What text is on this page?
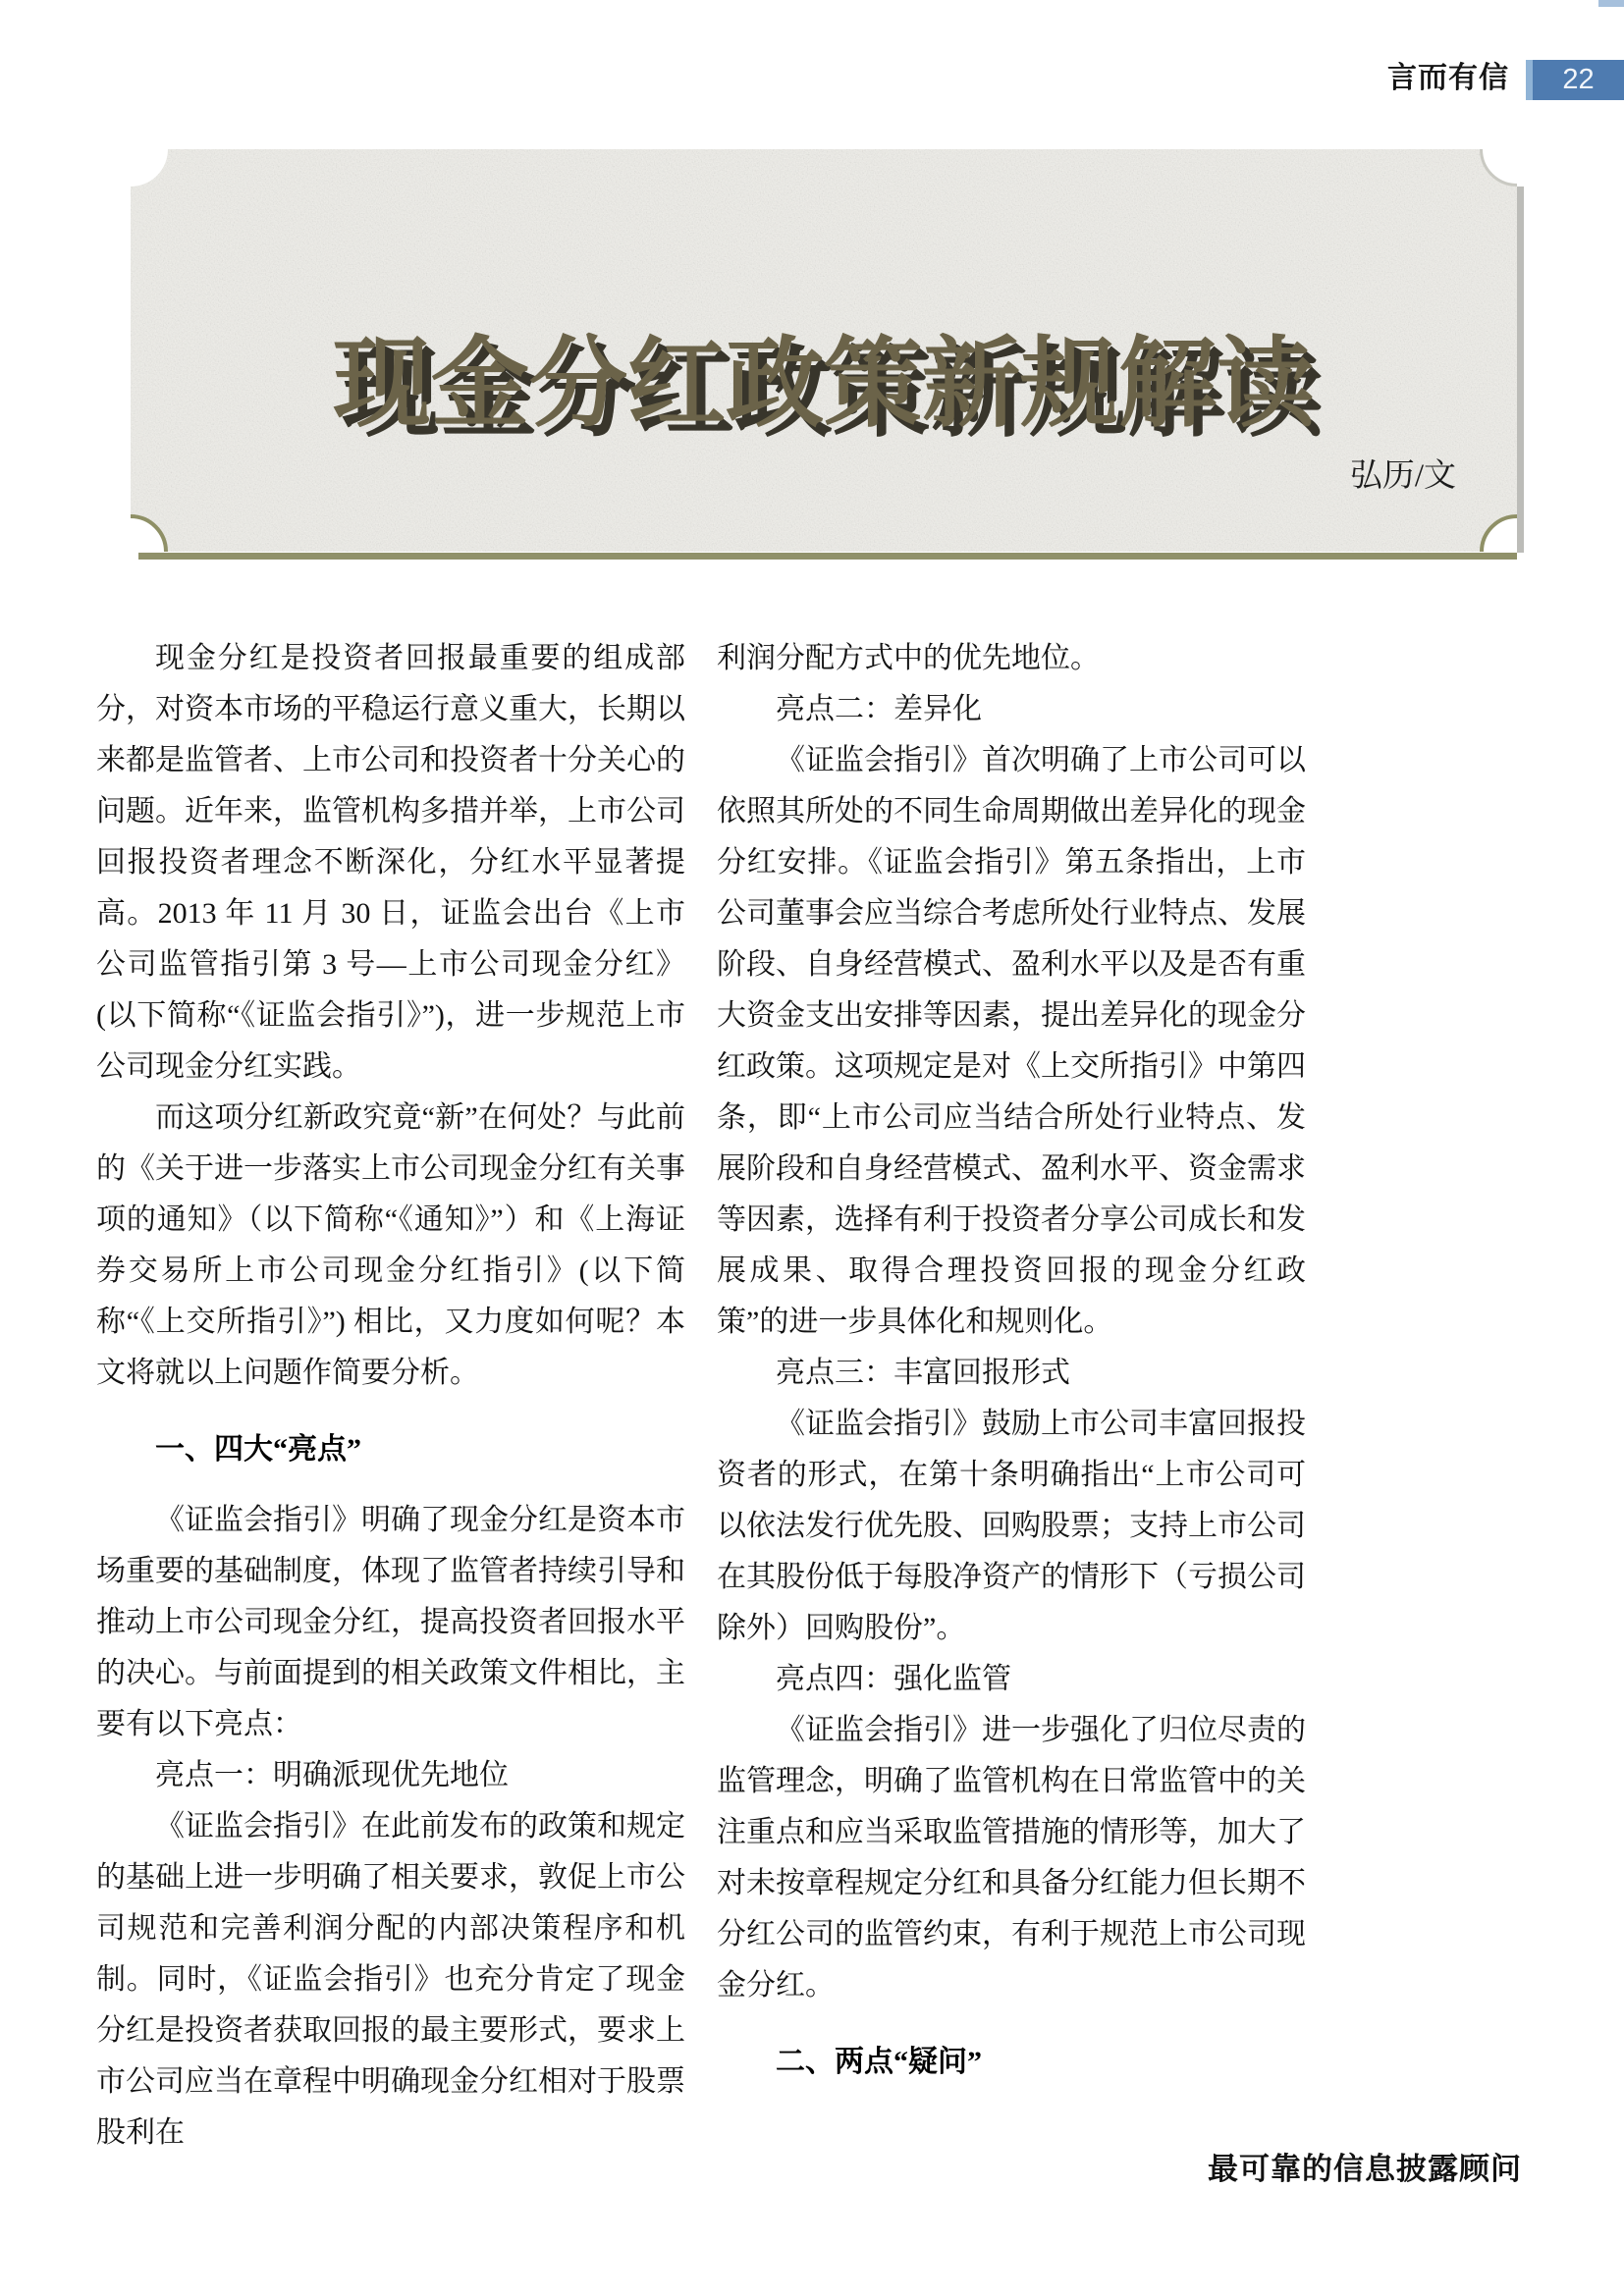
言而有信	22
现金分红政策新规解读
弘历/文

现金分红是投资者回报最重要的组成部分，对资本市场的平稳运行意义重大，长期以来都是监管者、上市公司和投资者十分关心的问题。近年来，监管机构多措并举，上市公司回报投资者理念不断深化，分红水平显著提高。2013 年 11 月 30 日，证监会出台《上市公司监管指引第 3 号—上市公司现金分红》(以下简称“《证监会指引》”)，进一步规范上市公司现金分红实践。

而这项分红新政究竟“新”在何处？与此前的《关于进一步落实上市公司现金分红有关事项的通知》（以下简称“《通知》”）和《上海证券交易所上市公司现金分红指引》(以下简称“《上交所指引》”) 相比，又力度如何呢？本文将就以上问题作简要分析。

一、四大“亮点”

《证监会指引》明确了现金分红是资本市场重要的基础制度，体现了监管者持续引导和推动上市公司现金分红，提高投资者回报水平的决心。与前面提到的相关政策文件相比，主要有以下亮点：

亮点一：明确派现优先地位

《证监会指引》在此前发布的政策和规定的基础上进一步明确了相关要求，敦促上市公司规范和完善利润分配的内部决策程序和机制。同时，《证监会指引》也充分肯定了现金分红是投资者获取回报的最主要形式，要求上市公司应当在章程中明确现金分红相对于股票股利在

利润分配方式中的优先地位。

亮点二：差异化

《证监会指引》首次明确了上市公司可以依照其所处的不同生命周期做出差异化的现金分红安排。《证监会指引》第五条指出，上市公司董事会应当综合考虑所处行业特点、发展阶段、自身经营模式、盈利水平以及是否有重大资金支出安排等因素，提出差异化的现金分红政策。这项规定是对《上交所指引》中第四条，即“上市公司应当结合所处行业特点、发展阶段和自身经营模式、盈利水平、资金需求等因素，选择有利于投资者分享公司成长和发展成果、取得合理投资回报的现金分红政策”的进一步具体化和规则化。

亮点三：丰富回报形式

《证监会指引》鼓励上市公司丰富回报投资者的形式，在第十条明确指出“上市公司可以依法发行优先股、回购股票；支持上市公司在其股份低于每股净资产的情形下（亏损公司除外）回购股份”。

亮点四：强化监管

《证监会指引》进一步强化了归位尽责的监管理念，明确了监管机构在日常监管中的关注重点和应当采取监管措施的情形等，加大了对未按章程规定分红和具备分红能力但长期不分红公司的监管约束，有利于规范上市公司现金分红。

二、两点“疑问”
最可靠的信息披露顾问
